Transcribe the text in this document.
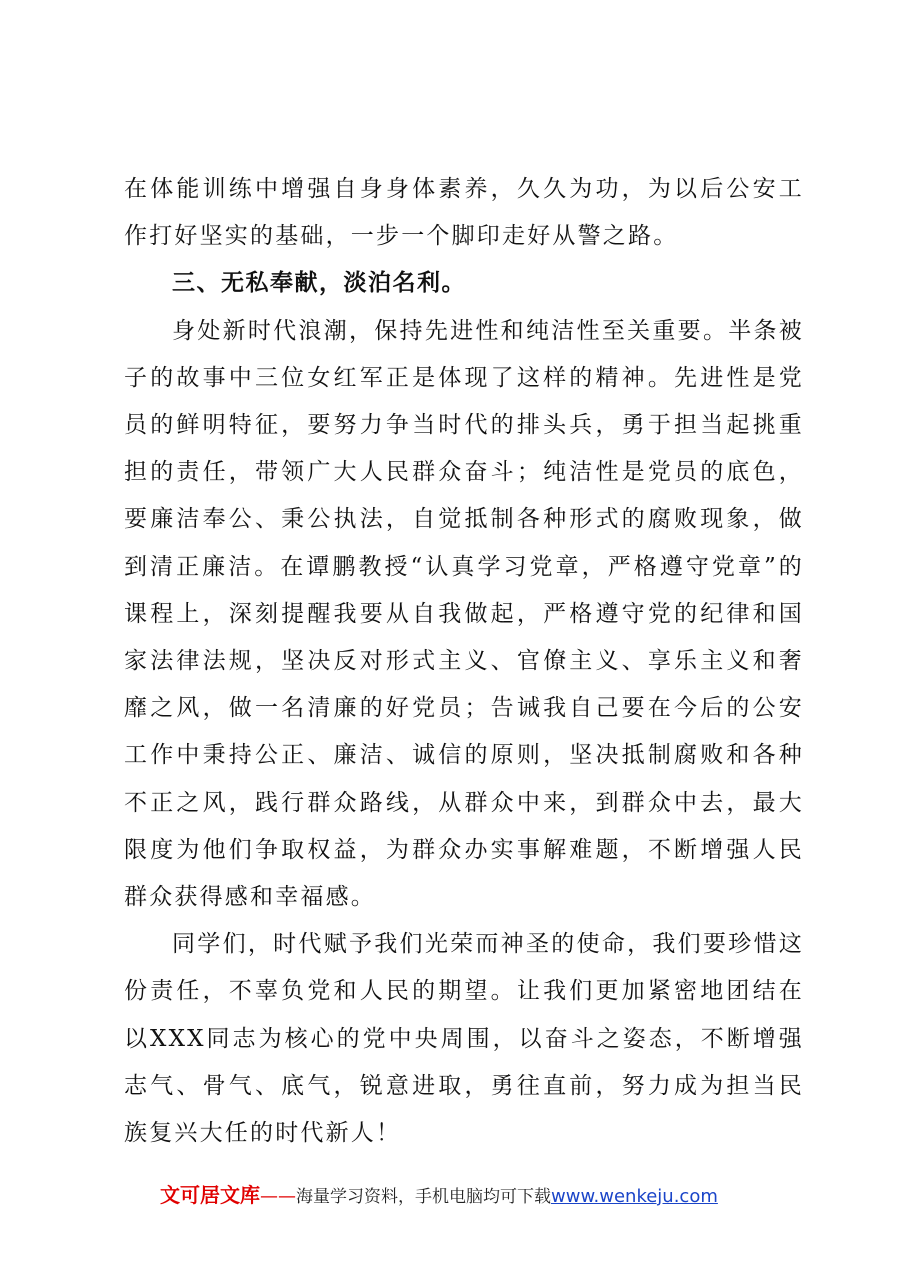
在体能训练中增强自身身体素养，久久为功，为以后公安工作打好坚实的基础，一步一个脚印走好从警之路。

三、无私奉献，淡泊名利。

身处新时代浪潮，保持先进性和纯洁性至关重要。半条被子的故事中三位女红军正是体现了这样的精神。先进性是党员的鲜明特征，要努力争当时代的排头兵，勇于担当起挑重担的责任，带领广大人民群众奋斗；纯洁性是党员的底色，要廉洁奉公、秉公执法，自觉抵制各种形式的腐败现象，做到清正廉洁。在谭鹏教授“认真学习党章，严格遵守党章”的课程上，深刻提醒我要从自我做起，严格遵守党的纪律和国家法律法规，坚决反对形式主义、官僚主义、享乐主义和奢靡之风，做一名清廉的好党员；告诫我自己要在今后的公安工作中秉持公正、廉洁、诚信的原则，坚决抵制腐败和各种不正之风，践行群众路线，从群众中来，到群众中去，最大限度为他们争取权益，为群众办实事解难题，不断增强人民群众获得感和幸福感。

同学们，时代赋予我们光荣而神圣的使命，我们要珍惜这份责任，不辜负党和人民的期望。让我们更加紧密地团结在以XXX同志为核心的党中央周围，以奋斗之姿态，不断增强志气、骨气、底气，锐意进取，勇往直前，努力成为担当民族复兴大任的时代新人！

文可居文库——海量学习资料，手机电脑均可下载www.wenkeju.com
